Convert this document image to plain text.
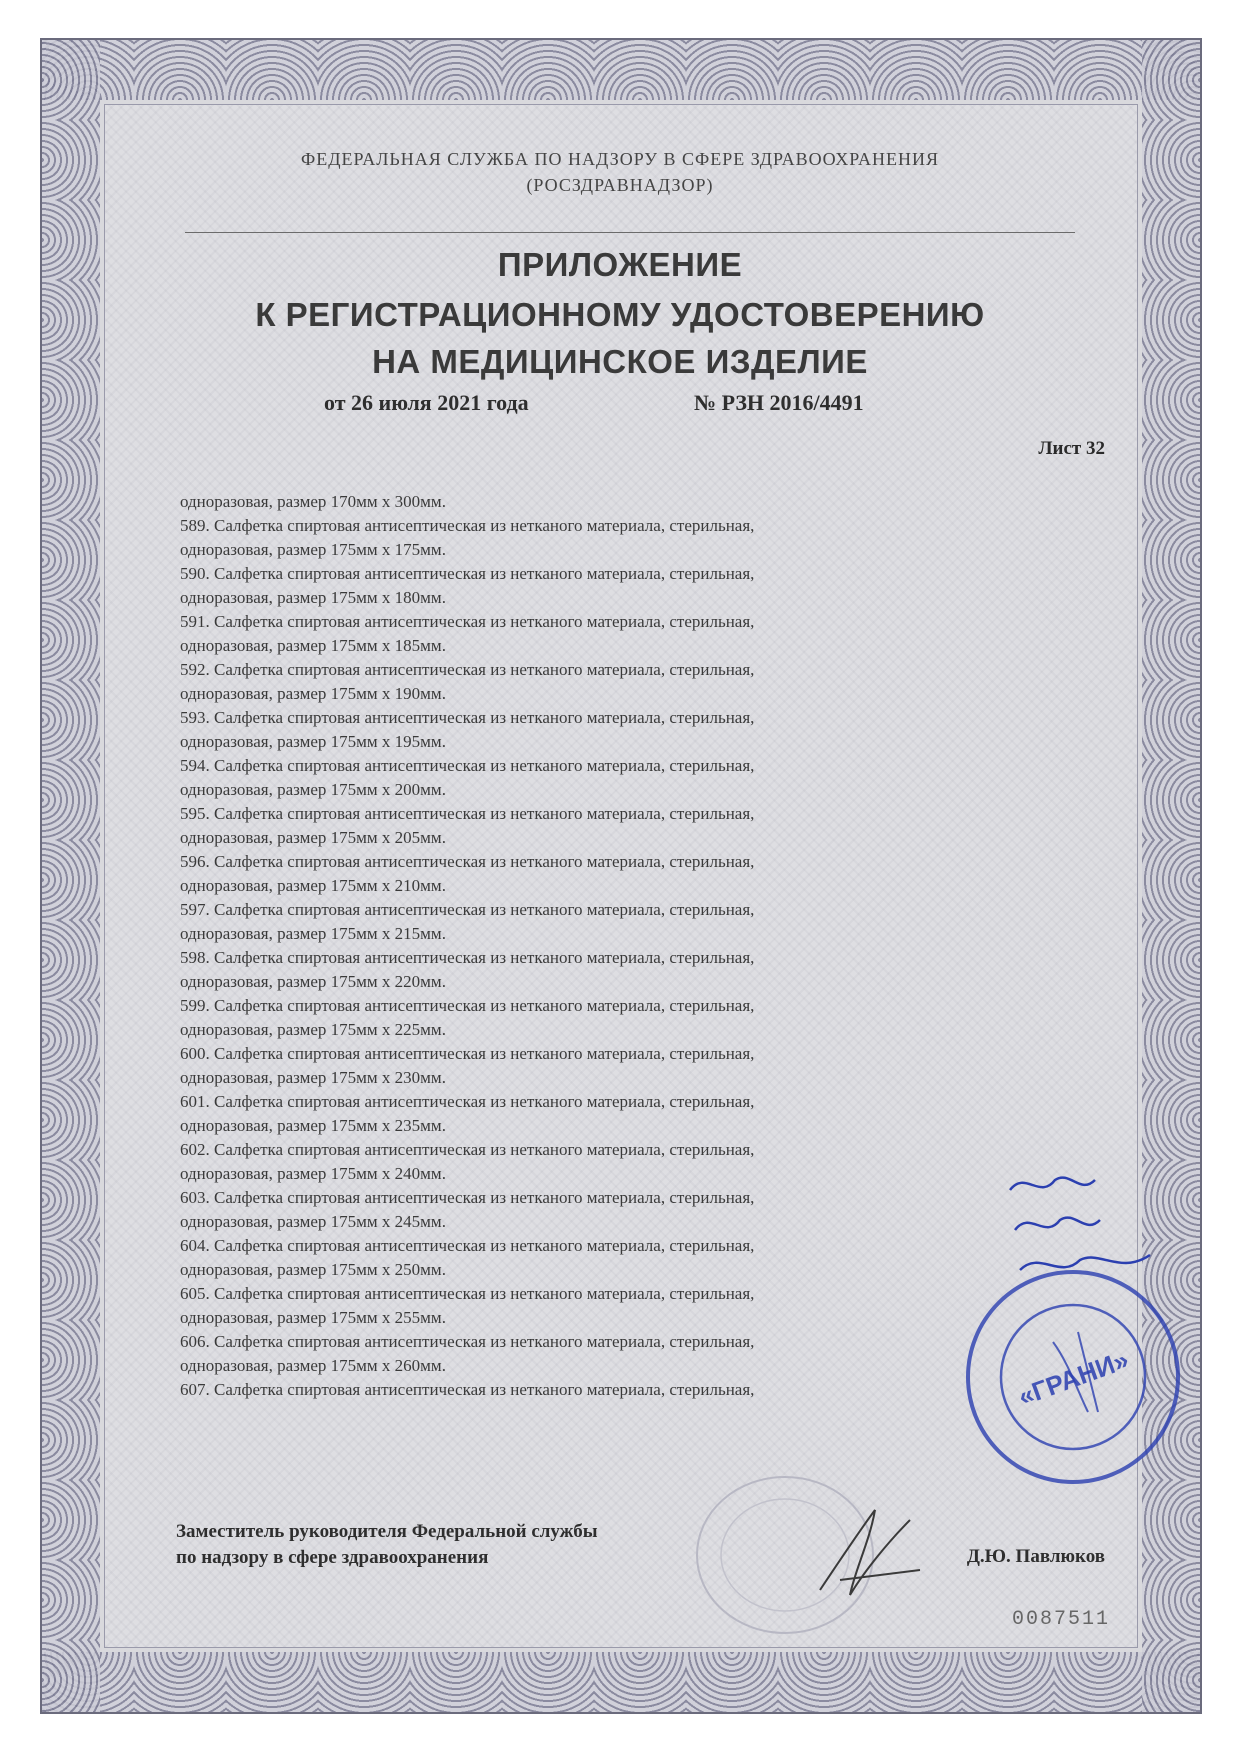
ФЕДЕРАЛЬНАЯ СЛУЖБА ПО НАДЗОРУ В СФЕРЕ ЗДРАВООХРАНЕНИЯ
(РОСЗДРАВНАДЗОР)
ПРИЛОЖЕНИЕ
К РЕГИСТРАЦИОННОМУ УДОСТОВЕРЕНИЮ
НА МЕДИЦИНСКОЕ ИЗДЕЛИЕ
от 26 июля 2021 года	№ РЗН 2016/4491
Лист 32
одноразовая, размер 170мм х 300мм.
589. Салфетка спиртовая антисептическая из нетканого материала, стерильная,
одноразовая, размер 175мм х 175мм.
590. Салфетка спиртовая антисептическая из нетканого материала, стерильная,
одноразовая, размер 175мм х 180мм.
591. Салфетка спиртовая антисептическая из нетканого материала, стерильная,
одноразовая, размер 175мм х 185мм.
592. Салфетка спиртовая антисептическая из нетканого материала, стерильная,
одноразовая, размер 175мм х 190мм.
593. Салфетка спиртовая антисептическая из нетканого материала, стерильная,
одноразовая, размер 175мм х 195мм.
594. Салфетка спиртовая антисептическая из нетканого материала, стерильная,
одноразовая, размер 175мм х 200мм.
595. Салфетка спиртовая антисептическая из нетканого материала, стерильная,
одноразовая, размер 175мм х 205мм.
596. Салфетка спиртовая антисептическая из нетканого материала, стерильная,
одноразовая, размер 175мм х 210мм.
597. Салфетка спиртовая антисептическая из нетканого материала, стерильная,
одноразовая, размер 175мм х 215мм.
598. Салфетка спиртовая антисептическая из нетканого материала, стерильная,
одноразовая, размер 175мм х 220мм.
599. Салфетка спиртовая антисептическая из нетканого материала, стерильная,
одноразовая, размер 175мм х 225мм.
600. Салфетка спиртовая антисептическая из нетканого материала, стерильная,
одноразовая, размер 175мм х 230мм.
601. Салфетка спиртовая антисептическая из нетканого материала, стерильная,
одноразовая, размер 175мм х 235мм.
602. Салфетка спиртовая антисептическая из нетканого материала, стерильная,
одноразовая, размер 175мм х 240мм.
603. Салфетка спиртовая антисептическая из нетканого материала, стерильная,
одноразовая, размер 175мм х 245мм.
604. Салфетка спиртовая антисептическая из нетканого материала, стерильная,
одноразовая, размер 175мм х 250мм.
605. Салфетка спиртовая антисептическая из нетканого материала, стерильная,
одноразовая, размер 175мм х 255мм.
606. Салфетка спиртовая антисептическая из нетканого материала, стерильная,
одноразовая, размер 175мм х 260мм.
607. Салфетка спиртовая антисептическая из нетканого материала, стерильная,
Заместитель руководителя Федеральной службы
по надзору в сфере здравоохранения	Д.Ю. Павлюков
0087511
«ГРАНИ»
